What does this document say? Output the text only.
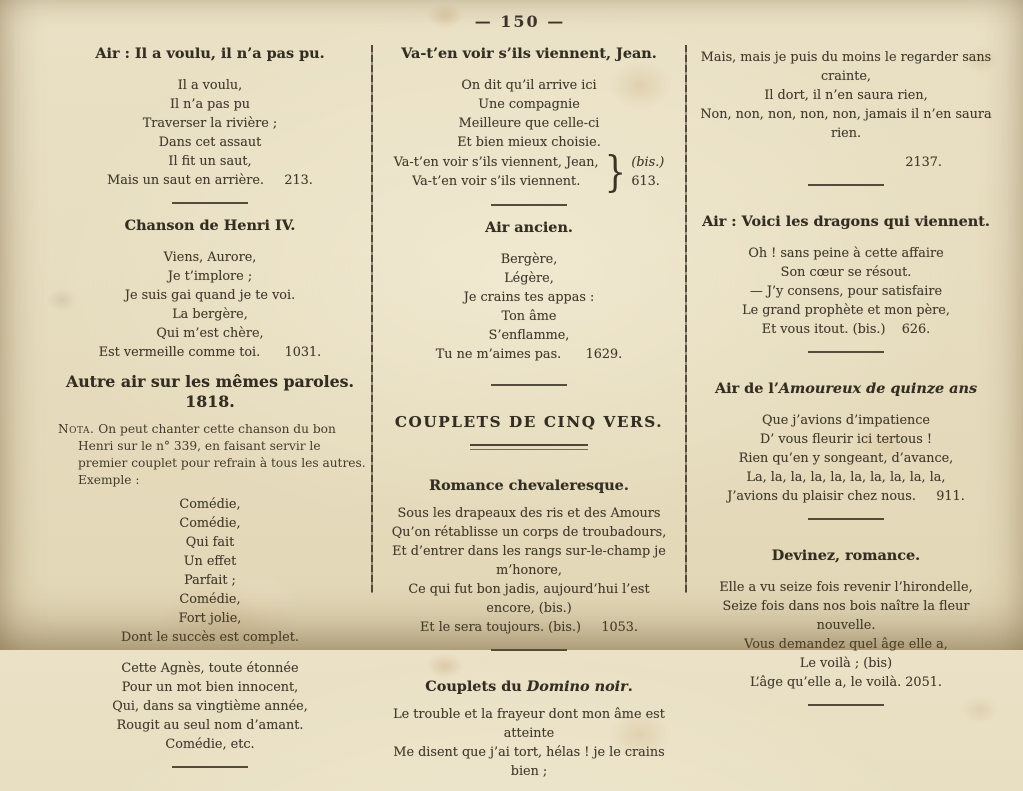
— 150 —
Air : Il a voulu, il n’a pas pu.
Il a voulu,
Il n’a pas pu
Traverser la rivière ;
Dans cet assaut
Il fit un saut,
Mais un saut en arrière.     213.
Chanson de Henri IV.
Viens, Aurore,
Je t’implore ;
Je suis gai quand je te voi.
La bergère,
Qui m’est chère,
Est vermeille comme toi.      1031.
Autre air sur les mêmes paroles. 1818.

Nota. On peut chanter cette chanson du bon Henri sur le n° 339, en faisant servir le premier couplet pour refrain à tous les autres. Exemple :

Comédie,
Comédie,
Qui fait
Un effet
Parfait ;
Comédie,
Fort jolie,
Dont le succès est complet.
Cette Agnès, toute étonnée
Pour un mot bien innocent,
Qui, dans sa vingtième année,
Rougit au seul nom d’amant.
Comédie, etc.
Va-t’en voir s’ils viennent, Jean.
On dit qu’il arrive ici
Une compagnie
Meilleure que celle-ci
Et bien mieux choisie.
Va-t’en voir s’ils viennent, Jean,
Va-t’en voir s’ils viennent. } (bis.)
613.
Air ancien.
Bergère,
Légère,
Je crains tes appas :
Ton âme
S’enflamme,
Tu ne m’aimes pas.      1629.
COUPLETS DE CINQ VERS.
Romance chevaleresque.
Sous les drapeaux des ris et des Amours
Qu’on rétablisse un corps de troubadours,
Et d’entrer dans les rangs sur-le-champ je m’honore,
Ce qui fut bon jadis, aujourd’hui l’est encore, (bis.)
Et le sera toujours. (bis.)     1053.
Couplets du Domino noir.
Le trouble et la frayeur dont mon âme est atteinte
Me disent que j’ai tort, hélas ! je le crains bien ;
Mais, mais je puis du moins le regarder sans crainte,
Il dort, il n’en saura rien,
Non, non, non, non, non, jamais il n’en saura rien.
2137.
Air : Voici les dragons qui viennent.
Oh ! sans peine à cette affaire
Son cœur se résout.
— J’y consens, pour satisfaire
Le grand prophète et mon père,
Et vous itout. (bis.)    626.
Air de l’Amoureux de quinze ans
Que j’avions d’impatience
D’ vous fleurir ici tertous !
Rien qu’en y songeant, d’avance,
La, la, la, la, la, la, la, la, la, la,
J’avions du plaisir chez nous.     911.
Devinez, romance.
Elle a vu seize fois revenir l’hirondelle,
Seize fois dans nos bois naître la fleur nouvelle.
Vous demandez quel âge elle a,
Le voilà ; (bis)
L’âge qu’elle a, le voilà. 2051.
